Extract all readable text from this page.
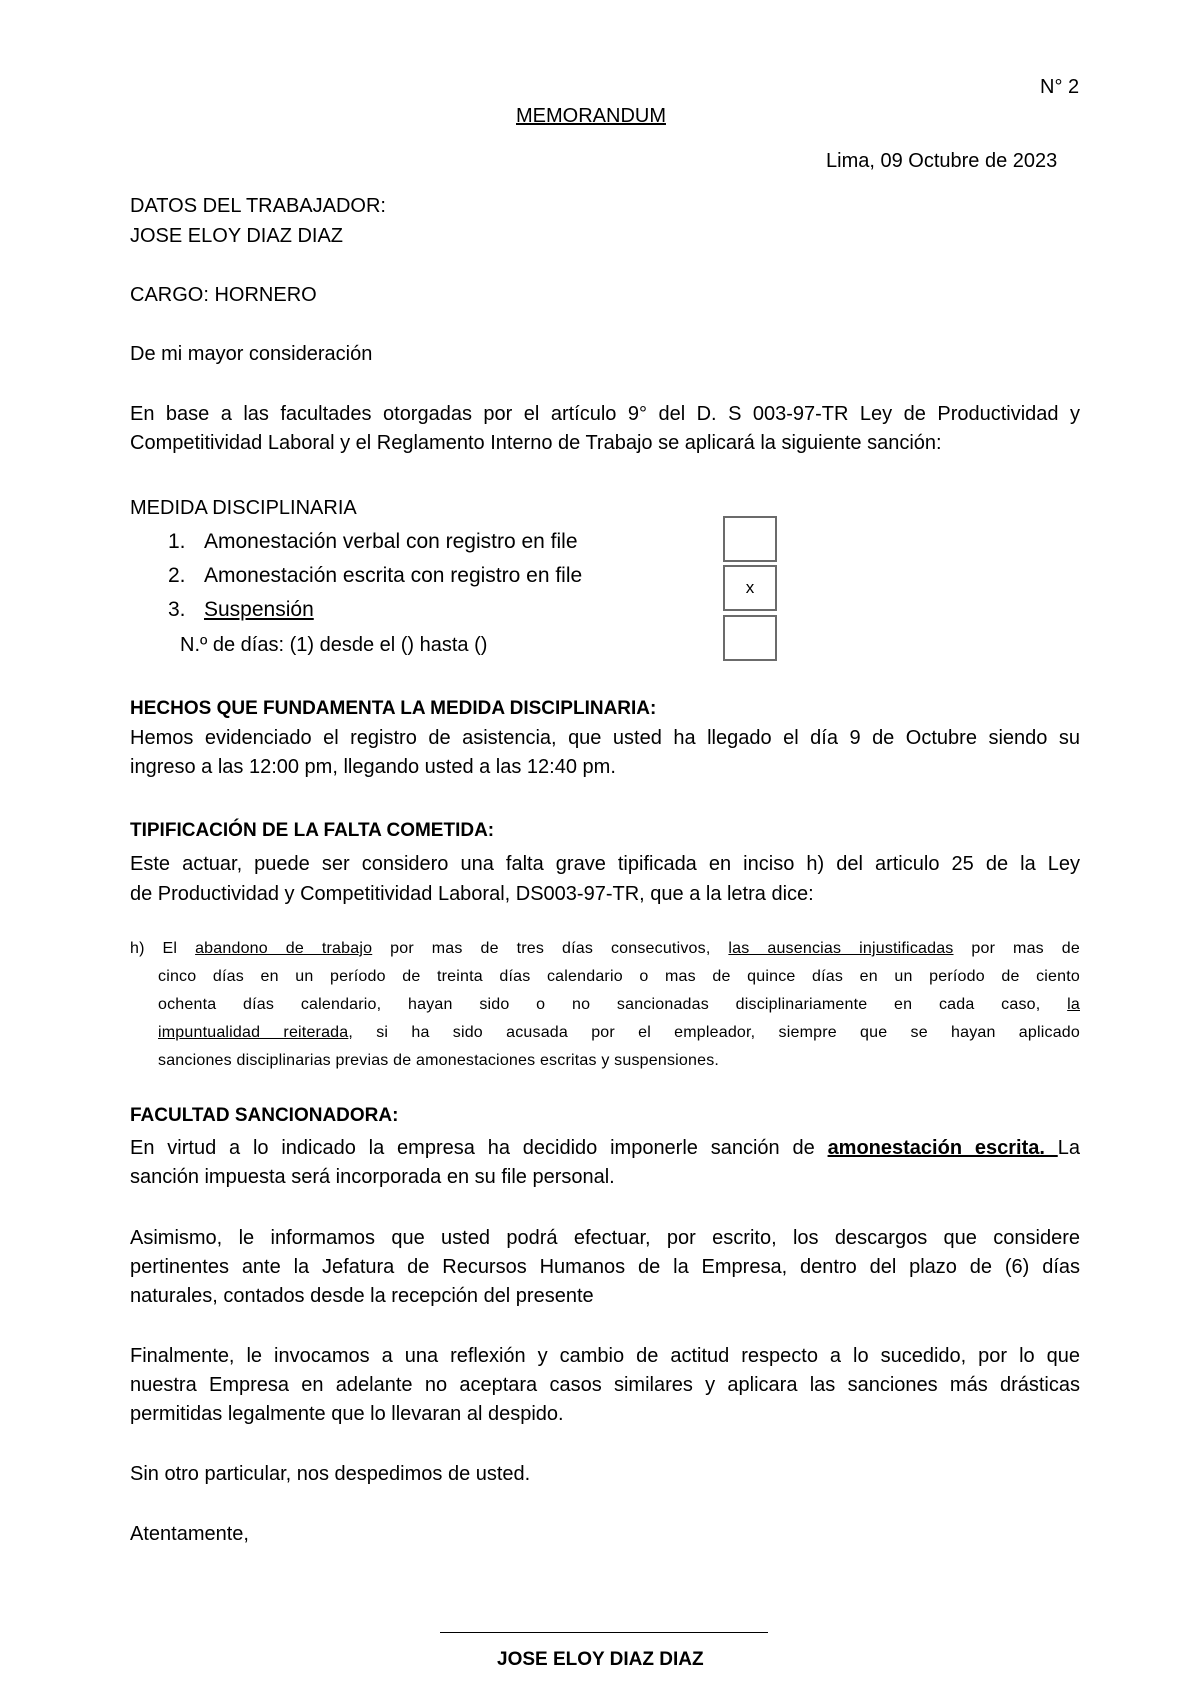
N° 2
MEMORANDUM
Lima, 09 Octubre de 2023
DATOS DEL TRABAJADOR:
JOSE ELOY DIAZ DIAZ
CARGO: HORNERO
De mi mayor consideración
En base a las facultades otorgadas por el artículo 9° del D. S 003-97-TR Ley de Productividad y
Competitividad Laboral y el Reglamento Interno de Trabajo se aplicará la siguiente sanción:
MEDIDA DISCIPLINARIA
1. Amonestación verbal con registro en file
2. Amonestación escrita con registro en file
3. Suspensión
N.º de días: (1) desde el () hasta ()
x
HECHOS QUE FUNDAMENTA LA MEDIDA DISCIPLINARIA:
Hemos evidenciado el registro de asistencia, que usted ha llegado el día 9 de Octubre siendo su
ingreso a las 12:00 pm, llegando usted a las 12:40 pm.
TIPIFICACIÓN DE LA FALTA COMETIDA:
Este actuar, puede ser considero una falta grave tipificada en inciso h) del articulo 25 de la Ley
de Productividad y Competitividad Laboral, DS003-97-TR, que a la letra dice:
h) El abandono de trabajo por mas de tres días consecutivos, las ausencias injustificadas por mas de
cinco días en un período de treinta días calendario o mas de quince días en un período de ciento
ochenta días calendario, hayan sido o no sancionadas disciplinariamente en cada caso, la
impuntualidad reiterada, si ha sido acusada por el empleador, siempre que se hayan aplicado
sanciones disciplinarias previas de amonestaciones escritas y suspensiones.
FACULTAD SANCIONADORA:
En virtud a lo indicado la empresa ha decidido imponerle sanción de amonestación escrita. La
sanción impuesta será incorporada en su file personal.
Asimismo, le informamos que usted podrá efectuar, por escrito, los descargos que considere
pertinentes ante la Jefatura de Recursos Humanos de la Empresa, dentro del plazo de (6) días
naturales, contados desde la recepción del presente
Finalmente, le invocamos a una reflexión y cambio de actitud respecto a lo sucedido, por lo que
nuestra Empresa en adelante no aceptara casos similares y aplicara las sanciones más drásticas
permitidas legalmente que lo llevaran al despido.
Sin otro particular, nos despedimos de usted.
Atentamente,
JOSE ELOY DIAZ DIAZ
